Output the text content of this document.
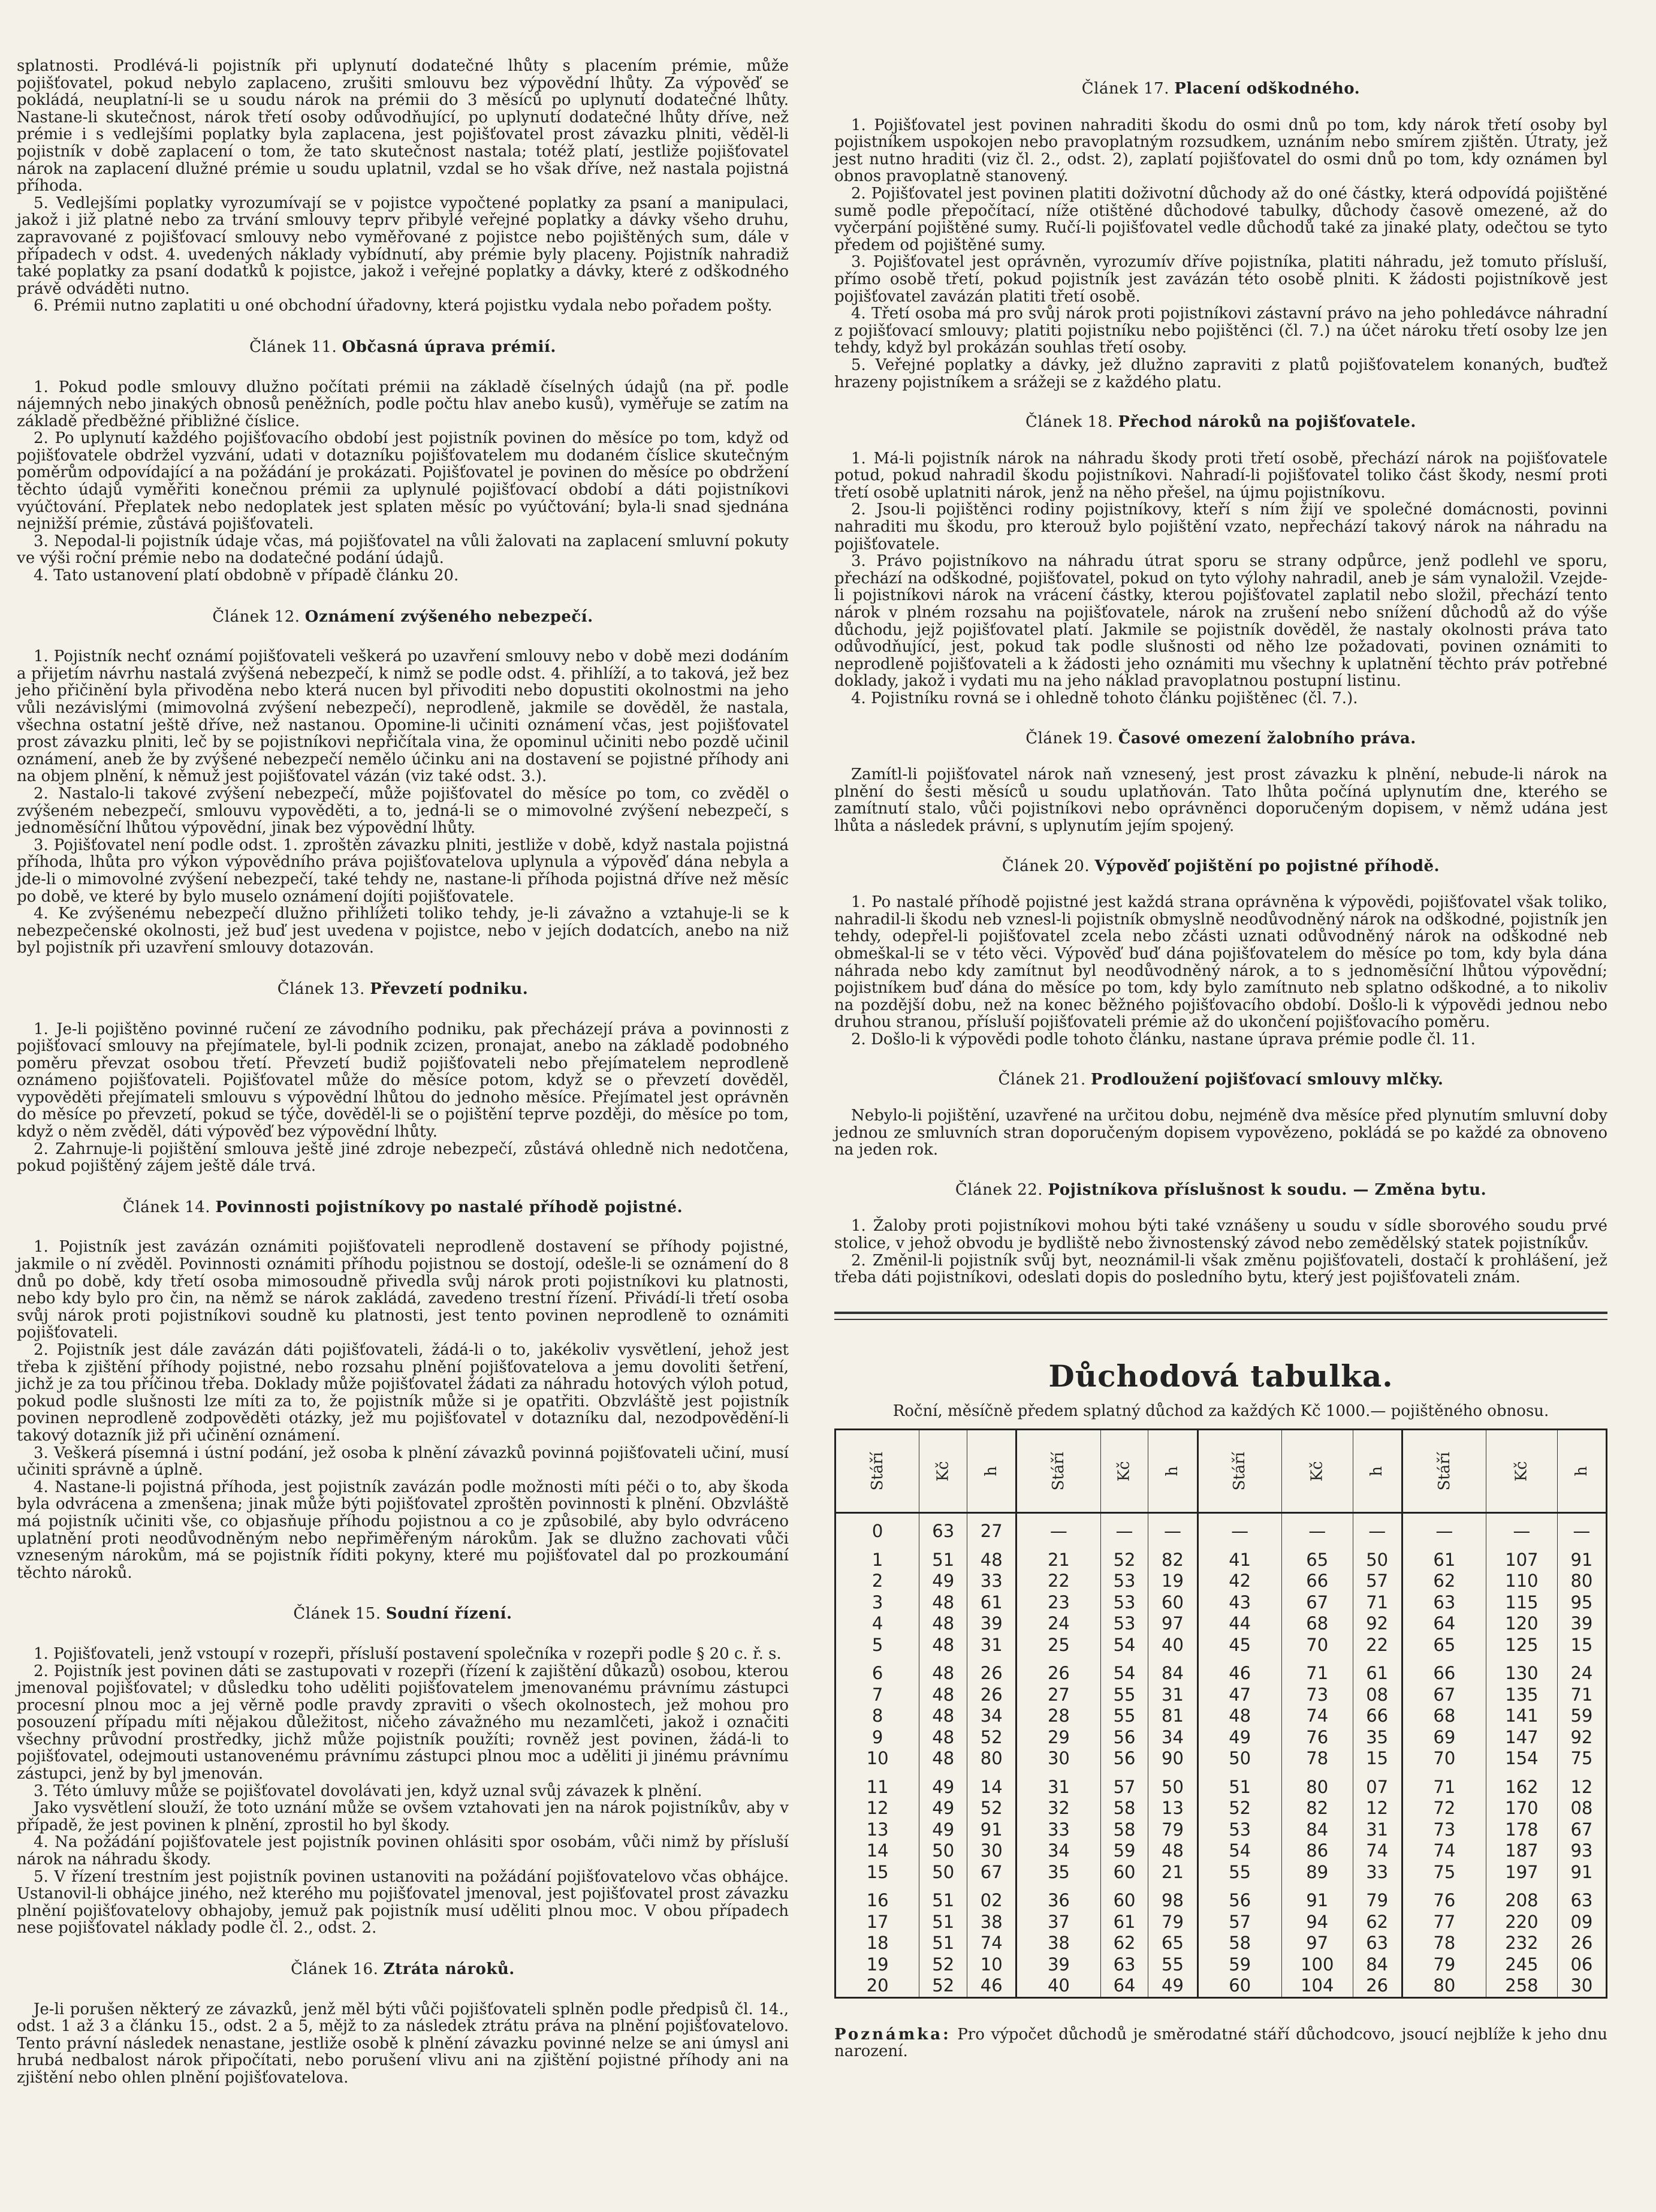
splatnosti. Prodlévá-li pojistník při uplynutí dodatečné lhůty s placením prémie, může pojišťovatel, pokud nebylo zaplaceno, zrušiti smlouvu bez výpovědní lhůty. Za výpověď se pokládá, neuplatní-li se u soudu nárok na prémii do 3 měsíců po uplynutí dodatečné lhůty. Nastane-li skutečnost, nárok třetí osoby odůvodňující, po uplynutí dodatečné lhůty dříve, než prémie i s vedlejšími poplatky byla zaplacena, jest pojišťovatel prost závazku plniti, věděl-li pojistník v době zaplacení o tom, že tato skutečnost nastala; totéž platí, jestliže pojišťovatel nárok na zaplacení dlužné prémie u soudu uplatnil, vzdal se ho však dříve, než nastala pojistná příhoda.

5. Vedlejšími poplatky vyrozumívají se v pojistce vypočtené poplatky za psaní a manipulaci, jakož i již platné nebo za trvání smlouvy teprv přibylé veřejné poplatky a dávky všeho druhu, zapravované z pojišťovací smlouvy nebo vyměřované z pojistce nebo pojištěných sum, dále v případech v odst. 4. uvedených náklady vybídnutí, aby prémie byly placeny. Pojistník nahradiž také poplatky za psaní dodatků k pojistce, jakož i veřejné poplatky a dávky, které z odškodného právě odváděti nutno.

6. Prémii nutno zaplatiti u oné obchodní úřadovny, která pojistku vydala nebo pořadem pošty.

Článek 11. Občasná úprava prémií.

1. Pokud podle smlouvy dlužno počítati prémii na základě číselných údajů (na př. podle nájemných nebo jinakých obnosů peněžních, podle počtu hlav anebo kusů), vyměřuje se zatím na základě předběžné přibližné číslice.

2. Po uplynutí každého pojišťovacího období jest pojistník povinen do měsíce po tom, když od pojišťovatele obdržel vyzvání, udati v dotazníku pojišťovatelem mu dodaném číslice skutečným poměrům odpovídající a na požádání je prokázati. Pojišťovatel je povinen do měsíce po obdržení těchto údajů vyměřiti konečnou prémii za uplynulé pojišťovací období a dáti pojistníkovi vyúčtování. Přeplatek nebo nedoplatek jest splaten měsíc po vyúčtování; byla-li snad sjednána nejnižší prémie, zůstává pojišťovateli.

3. Nepodal-li pojistník údaje včas, má pojišťovatel na vůli žalovati na zaplacení smluvní pokuty ve výši roční prémie nebo na dodatečné podání údajů.

4. Tato ustanovení platí obdobně v případě článku 20.

Článek 12. Oznámení zvýšeného nebezpečí.

1. Pojistník nechť oznámí pojišťovateli veškerá po uzavření smlouvy nebo v době mezi dodáním a přijetím návrhu nastalá zvýšená nebezpečí, k nimž se podle odst. 4. přihlíží, a to taková, jež bez jeho přičinění byla přivoděna nebo která nucen byl přivoditi nebo dopustiti okolnostmi na jeho vůli nezávislými (mimovolná zvýšení nebezpečí), neprodleně, jakmile se dověděl, že nastala, všechna ostatní ještě dříve, než nastanou. Opomine-li učiniti oznámení včas, jest pojišťovatel prost závazku plniti, leč by se pojistníkovi nepřičítala vina, že opominul učiniti nebo pozdě učinil oznámení, aneb že by zvýšené nebezpečí nemělo účinku ani na dostavení se pojistné příhody ani na objem plnění, k němuž jest pojišťovatel vázán (viz také odst. 3.).

2. Nastalo-li takové zvýšení nebezpečí, může pojišťovatel do měsíce po tom, co zvěděl o zvýšeném nebezpečí, smlouvu vypověděti, a to, jedná-li se o mimovolné zvýšení nebezpečí, s jednoměsíční lhůtou výpovědní, jinak bez výpovědní lhůty.

3. Pojišťovatel není podle odst. 1. zproštěn závazku plniti, jestliže v době, když nastala pojistná příhoda, lhůta pro výkon výpovědního práva pojišťovatelova uplynula a výpověď dána nebyla a jde-li o mimovolné zvýšení nebezpečí, také tehdy ne, nastane-li příhoda pojistná dříve než měsíc po době, ve které by bylo muselo oznámení dojíti pojišťovatele.

4. Ke zvýšenému nebezpečí dlužno přihlížeti toliko tehdy, je-li závažno a vztahuje-li se k nebezpečenské okolnosti, jež buď jest uvedena v pojistce, nebo v jejích dodatcích, anebo na niž byl pojistník při uzavření smlouvy dotazován.

Článek 13. Převzetí podniku.

1. Je-li pojištěno povinné ručení ze závodního podniku, pak přecházejí práva a povinnosti z pojišťovací smlouvy na přejímatele, byl-li podnik zcizen, pronajat, anebo na základě podobného poměru převzat osobou třetí. Převzetí budiž pojišťovateli nebo přejímatelem neprodleně oznámeno pojišťovateli. Pojišťovatel může do měsíce potom, když se o převzetí dověděl, vypověděti přejímateli smlouvu s výpovědní lhůtou do jednoho měsíce. Přejímatel jest oprávněn do měsíce po převzetí, pokud se týče, dověděl-li se o pojištění teprve později, do měsíce po tom, když o něm zvěděl, dáti výpověď bez výpovědní lhůty.

2. Zahrnuje-li pojištění smlouva ještě jiné zdroje nebezpečí, zůstává ohledně nich nedotčena, pokud pojištěný zájem ještě dále trvá.

Článek 14. Povinnosti pojistníkovy po nastalé příhodě pojistné.

1. Pojistník jest zavázán oznámiti pojišťovateli neprodleně dostavení se příhody pojistné, jakmile o ní zvěděl. Povinnosti oznámiti příhodu pojistnou se dostojí, odešle-li se oznámení do 8 dnů po době, kdy třetí osoba mimosoudně přivedla svůj nárok proti pojistníkovi ku platnosti, nebo kdy bylo pro čin, na němž se nárok zakládá, zavedeno trestní řízení. Přivádí-li třetí osoba svůj nárok proti pojistníkovi soudně ku platnosti, jest tento povinen neprodleně to oznámiti pojišťovateli.

2. Pojistník jest dále zavázán dáti pojišťovateli, žádá-li o to, jakékoliv vysvětlení, jehož jest třeba k zjištění příhody pojistné, nebo rozsahu plnění pojišťovatelova a jemu dovoliti šetření, jichž je za tou příčinou třeba. Doklady může pojišťovatel žádati za náhradu hotových výloh potud, pokud podle slušnosti lze míti za to, že pojistník může si je opatřiti. Obzvláště jest pojistník povinen neprodleně zodpověděti otázky, jež mu pojišťovatel v dotazníku dal, nezodpovědění-li takový dotazník již při učinění oznámení.

3. Veškerá písemná i ústní podání, jež osoba k plnění závazků povinná pojišťovateli učiní, musí učiniti správně a úplně.

4. Nastane-li pojistná příhoda, jest pojistník zavázán podle možnosti míti péči o to, aby škoda byla odvrácena a zmenšena; jinak může býti pojišťovatel zproštěn povinnosti k plnění. Obzvláště má pojistník učiniti vše, co objasňuje příhodu pojistnou a co je způsobilé, aby bylo odvráceno uplatnění proti neodůvodněným nebo nepřiměřeným nárokům. Jak se dlužno zachovati vůči vzneseným nárokům, má se pojistník říditi pokyny, které mu pojišťovatel dal po prozkoumání těchto nároků.

Článek 15. Soudní řízení.

1. Pojišťovateli, jenž vstoupí v rozepři, přísluší postavení společníka v rozepři podle § 20 c. ř. s.

2. Pojistník jest povinen dáti se zastupovati v rozepři (řízení k zajištění důkazů) osobou, kterou jmenoval pojišťovatel; v důsledku toho uděliti pojišťovatelem jmenovanému právnímu zástupci procesní plnou moc a jej věrně podle pravdy zpraviti o všech okolnostech, jež mohou pro posouzení případu míti nějakou důležitost, ničeho závažného mu nezamlčeti, jakož i označiti všechny průvodní prostředky, jichž může pojistník použíti; rovněž jest povinen, žádá-li to pojišťovatel, odejmouti ustanovenému právnímu zástupci plnou moc a uděliti ji jinému právnímu zástupci, jenž by byl jmenován.

3. Této úmluvy může se pojišťovatel dovolávati jen, když uznal svůj závazek k plnění.

Jako vysvětlení slouží, že toto uznání může se ovšem vztahovati jen na nárok pojistníkův, aby v případě, že jest povinen k plnění, zprostil ho byl škody.

4. Na požádání pojišťovatele jest pojistník povinen ohlásiti spor osobám, vůči nimž by přísluší nárok na náhradu škody.

5. V řízení trestním jest pojistník povinen ustanoviti na požádání pojišťovatelovo včas obhájce. Ustanovil-li obhájce jiného, než kterého mu pojišťovatel jmenoval, jest pojišťovatel prost závazku plnění pojišťovatelovy obhajoby, jemuž pak pojistník musí uděliti plnou moc. V obou případech nese pojišťovatel náklady podle čl. 2., odst. 2.

Článek 16. Ztráta nároků.

Je-li porušen některý ze závazků, jenž měl býti vůči pojišťovateli splněn podle předpisů čl. 14., odst. 1 až 3 a článku 15., odst. 2 a 5, mějž to za následek ztrátu práva na plnění pojišťovatelovo. Tento právní následek nenastane, jestliže osobě k plnění závazku povinné nelze se ani úmysl ani hrubá nedbalost nárok připočítati, nebo porušení vlivu ani na zjištění pojistné příhody ani na zjištění nebo ohlen plnění pojišťovatelova.

Článek 17. Placení odškodného.

1. Pojišťovatel jest povinen nahraditi škodu do osmi dnů po tom, kdy nárok třetí osoby byl pojistníkem uspokojen nebo pravoplatným rozsudkem, uznáním nebo smírem zjištěn. Útraty, jež jest nutno hraditi (viz čl. 2., odst. 2), zaplatí pojišťovatel do osmi dnů po tom, kdy oznámen byl obnos pravoplatně stanovený.

2. Pojišťovatel jest povinen platiti doživotní důchody až do oné částky, která odpovídá pojištěné sumě podle přepočítací, níže otištěné důchodové tabulky, důchody časově omezené, až do vyčerpání pojištěné sumy. Ručí-li pojišťovatel vedle důchodů také za jinaké platy, odečtou se tyto předem od pojištěné sumy.

3. Pojišťovatel jest oprávněn, vyrozumív dříve pojistníka, platiti náhradu, jež tomuto přísluší, přímo osobě třetí, pokud pojistník jest zavázán této osobě plniti. K žádosti pojistníkově jest pojišťovatel zavázán platiti třetí osobě.

4. Třetí osoba má pro svůj nárok proti pojistníkovi zástavní právo na jeho pohledávce náhradní z pojišťovací smlouvy; platiti pojistníku nebo pojištěnci (čl. 7.) na účet nároku třetí osoby lze jen tehdy, když byl prokázán souhlas třetí osoby.

5. Veřejné poplatky a dávky, jež dlužno zapraviti z platů pojišťovatelem konaných, buďtež hrazeny pojistníkem a srážeji se z každého platu.

Článek 18. Přechod nároků na pojišťovatele.

1. Má-li pojistník nárok na náhradu škody proti třetí osobě, přechází nárok na pojišťovatele potud, pokud nahradil škodu pojistníkovi. Nahradí-li pojišťovatel toliko část škody, nesmí proti třetí osobě uplatniti nárok, jenž na něho přešel, na újmu pojistníkovu.

2. Jsou-li pojištěnci rodiny pojistníkovy, kteří s ním žijí ve společné domácnosti, povinni nahraditi mu škodu, pro kterouž bylo pojištění vzato, nepřechází takový nárok na náhradu na pojišťovatele.

3. Právo pojistníkovo na náhradu útrat sporu se strany odpůrce, jenž podlehl ve sporu, přechází na odškodné, pojišťovatel, pokud on tyto výlohy nahradil, aneb je sám vynaložil. Vzejde-li pojistníkovi nárok na vrácení částky, kterou pojišťovatel zaplatil nebo složil, přechází tento nárok v plném rozsahu na pojišťovatele, nárok na zrušení nebo snížení důchodů až do výše důchodu, jejž pojišťovatel platí. Jakmile se pojistník dověděl, že nastaly okolnosti práva tato odůvodňující, jest, pokud tak podle slušnosti od něho lze požadovati, povinen oznámiti to neprodleně pojišťovateli a k žádosti jeho oznámiti mu všechny k uplatnění těchto práv potřebné doklady, jakož i vydati mu na jeho náklad pravoplatnou postupní listinu.

4. Pojistníku rovná se i ohledně tohoto článku pojištěnec (čl. 7.).

Článek 19. Časové omezení žalobního práva.

Zamítl-li pojišťovatel nárok naň vznesený, jest prost závazku k plnění, nebude-li nárok na plnění do šesti měsíců u soudu uplatňován. Tato lhůta počíná uplynutím dne, kterého se zamítnutí stalo, vůči pojistníkovi nebo oprávněnci doporučeným dopisem, v němž udána jest lhůta a následek právní, s uplynutím jejím spojený.

Článek 20. Výpověď pojištění po pojistné příhodě.

1. Po nastalé příhodě pojistné jest každá strana oprávněna k výpovědi, pojišťovatel však toliko, nahradil-li škodu neb vznesl-li pojistník obmyslně neodůvodněný nárok na odškodné, pojistník jen tehdy, odepřel-li pojišťovatel zcela nebo zčásti uznati odůvodněný nárok na odškodné neb obmeškal-li se v této věci. Výpověď buď dána pojišťovatelem do měsíce po tom, kdy byla dána náhrada nebo kdy zamítnut byl neodůvodněný nárok, a to s jednoměsíční lhůtou výpovědní; pojistníkem buď dána do měsíce po tom, kdy bylo zamítnuto neb splatno odškodné, a to nikoliv na pozdější dobu, než na konec běžného pojišťovacího období. Došlo-li k výpovědi jednou nebo druhou stranou, přísluší pojišťovateli prémie až do ukončení pojišťovacího poměru.

2. Došlo-li k výpovědi podle tohoto článku, nastane úprava prémie podle čl. 11.

Článek 21. Prodloužení pojišťovací smlouvy mlčky.

Nebylo-li pojištění, uzavřené na určitou dobu, nejméně dva měsíce před plynutím smluvní doby jednou ze smluvních stran doporučeným dopisem vypovězeno, pokládá se po každé za obnoveno na jeden rok.

Článek 22. Pojistníkova příslušnost k soudu. — Změna bytu.

1. Žaloby proti pojistníkovi mohou býti také vznášeny u soudu v sídle sborového soudu prvé stolice, v jehož obvodu je bydliště nebo živnostenský závod nebo zemědělský statek pojistníkův.

2. Změnil-li pojistník svůj byt, neoznámil-li však změnu pojišťovateli, dostačí k prohlášení, jež třeba dáti pojistníkovi, odeslati dopis do posledního bytu, který jest pojišťovateli znám.

Důchodová tabulka.
Roční, měsíčně předem splatný důchod za každých Kč 1000.— pojištěného obnosu.
Stáří	Kč	h	Stáří	Kč	h	Stáří	Kč	h	Stáří	Kč	h
0	63	27	—	—	—	—	—	—	—	—	—
1	51	48	21	52	82	41	65	50	61	107	91
2	49	33	22	53	19	42	66	57	62	110	80
3	48	61	23	53	60	43	67	71	63	115	95
4	48	39	24	53	97	44	68	92	64	120	39
5	48	31	25	54	40	45	70	22	65	125	15
6	48	26	26	54	84	46	71	61	66	130	24
7	48	26	27	55	31	47	73	08	67	135	71
8	48	34	28	55	81	48	74	66	68	141	59
9	48	52	29	56	34	49	76	35	69	147	92
10	48	80	30	56	90	50	78	15	70	154	75
11	49	14	31	57	50	51	80	07	71	162	12
12	49	52	32	58	13	52	82	12	72	170	08
13	49	91	33	58	79	53	84	31	73	178	67
14	50	30	34	59	48	54	86	74	74	187	93
15	50	67	35	60	21	55	89	33	75	197	91
16	51	02	36	60	98	56	91	79	76	208	63
17	51	38	37	61	79	57	94	62	77	220	09
18	51	74	38	62	65	58	97	63	78	232	26
19	52	10	39	63	55	59	100	84	79	245	06
20	52	46	40	64	49	60	104	26	80	258	30

Poznámka: Pro výpočet důchodů je směrodatné stáří důchodcovo, jsoucí nejblíže k jeho dnu narození.
